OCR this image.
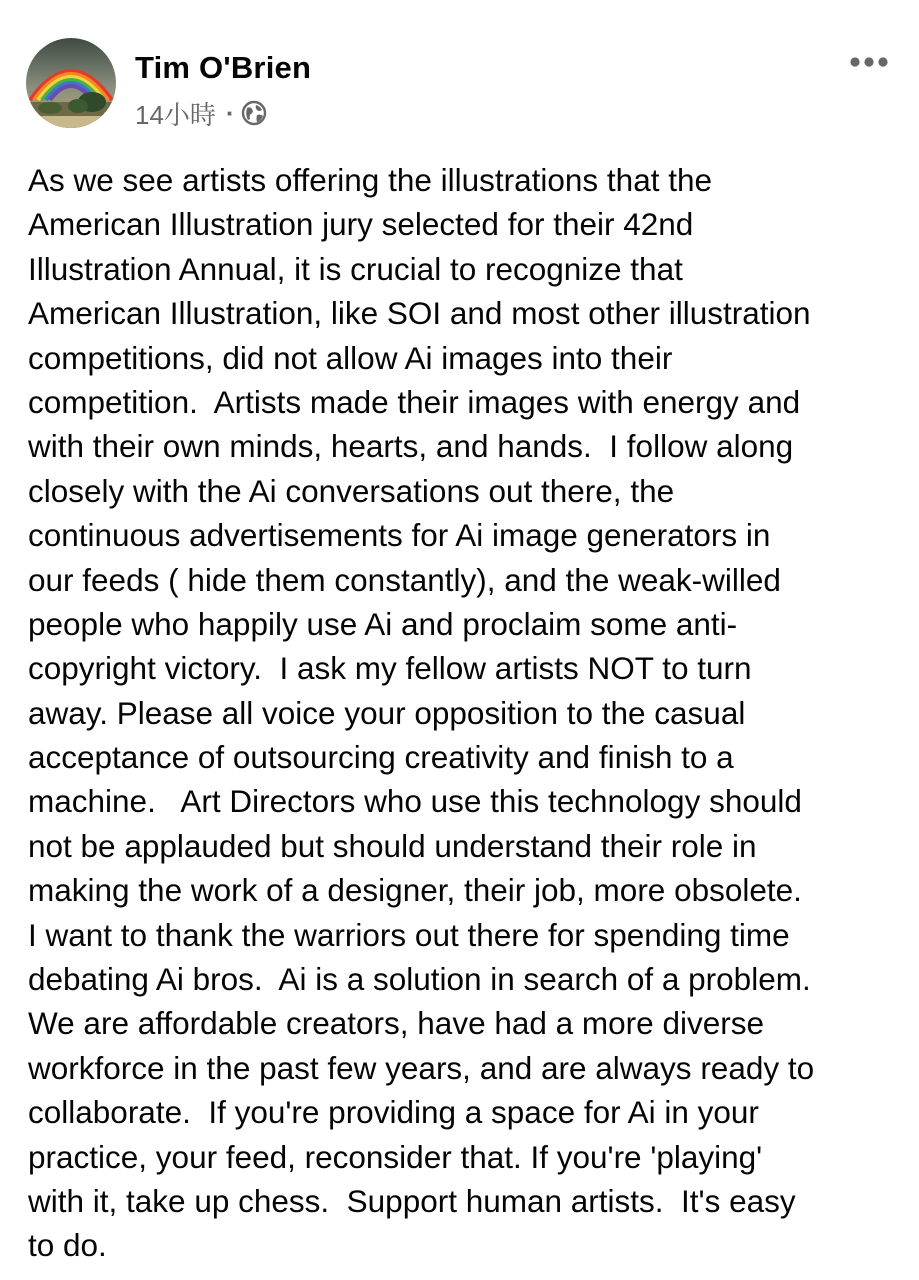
Tim O'Brien
14小時 ·
As we see artists offering the illustrations that the
American Illustration jury selected for their 42nd
Illustration Annual, it is crucial to recognize that
American Illustration, like SOI and most other illustration
competitions, did not allow Ai images into their
competition.  Artists made their images with energy and
with their own minds, hearts, and hands.  I follow along
closely with the Ai conversations out there, the
continuous advertisements for Ai image generators in
our feeds ( hide them constantly), and the weak-willed
people who happily use Ai and proclaim some anti-
copyright victory.  I ask my fellow artists NOT to turn
away. Please all voice your opposition to the casual
acceptance of outsourcing creativity and finish to a
machine.   Art Directors who use this technology should
not be applauded but should understand their role in
making the work of a designer, their job, more obsolete.
I want to thank the warriors out there for spending time
debating Ai bros.  Ai is a solution in search of a problem.
We are affordable creators, have had a more diverse
workforce in the past few years, and are always ready to
collaborate.  If you're providing a space for Ai in your
practice, your feed, reconsider that. If you're 'playing'
with it, take up chess.  Support human artists.  It's easy
to do.
